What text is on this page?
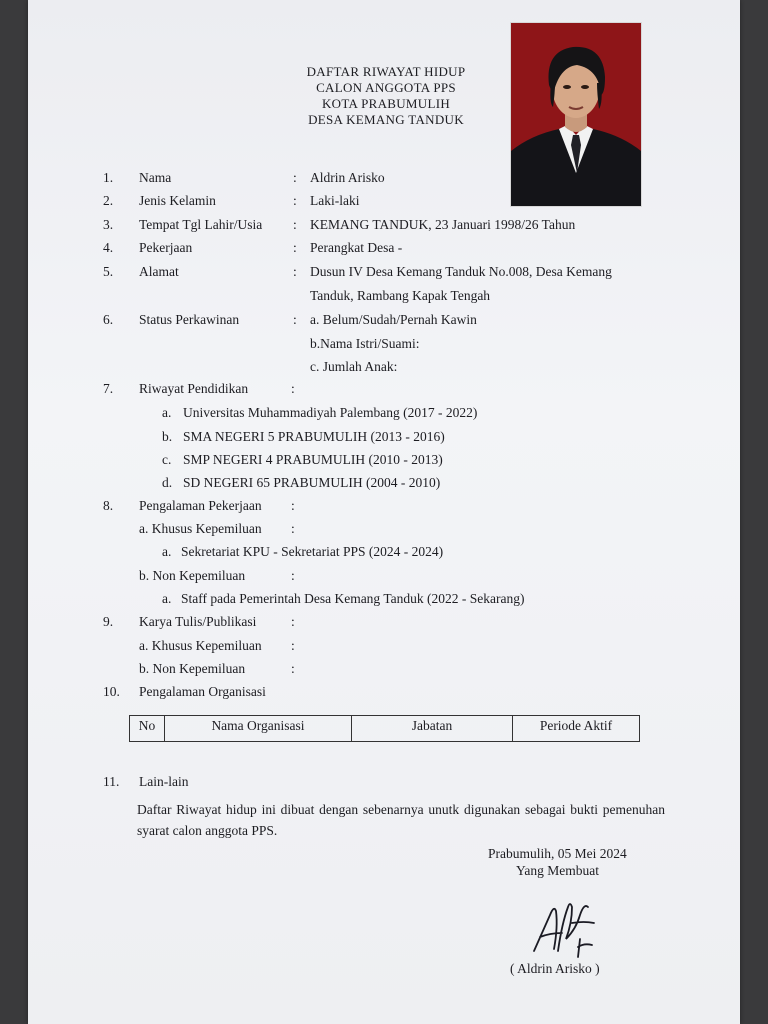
DAFTAR RIWAYAT HIDUP
CALON ANGGOTA PPS
KOTA PRABUMULIH
DESA KEMANG TANDUK
1. Nama	: Aldrin Arisko
2. Jenis Kelamin	: Laki-laki
3. Tempat Tgl Lahir/Usia : KEMANG TANDUK, 23 Januari 1998/26 Tahun
4. Pekerjaan	: Perangkat Desa -
5. Alamat	: Dusun IV Desa Kemang Tanduk No.008, Desa Kemang
Tanduk, Rambang Kapak Tengah
6. Status Perkawinan	: a. Belum/Sudah/Pernah Kawin
b.Nama Istri/Suami:
c. Jumlah Anak:
7. Riwayat Pendidikan	:
a. Universitas Muhammadiyah Palembang (2017 - 2022)
b. SMA NEGERI 5 PRABUMULIH (2013 - 2016)
c. SMP NEGERI 4 PRABUMULIH (2010 - 2013)
d. SD NEGERI 65 PRABUMULIH (2004 - 2010)
8. Pengalaman Pekerjaan :
a. Khusus Kepemiluan :
a. Sekretariat KPU - Sekretariat PPS (2024 - 2024)
b. Non Kepemiluan	:
a. Staff pada Pemerintah Desa Kemang Tanduk (2022 - Sekarang)
9. Karya Tulis/Publikasi	:
a. Khusus Kepemiluan :
b. Non Kepemiluan	:
10. Pengalaman Organisasi
No	Nama Organisasi	Jabatan	Periode Aktif
11. Lain-lain
Daftar Riwayat hidup ini dibuat dengan sebenarnya unutk digunakan sebagai bukti pemenuhan syarat calon anggota PPS.
Prabumulih, 05 Mei 2024
Yang Membuat
( Aldrin Arisko )
